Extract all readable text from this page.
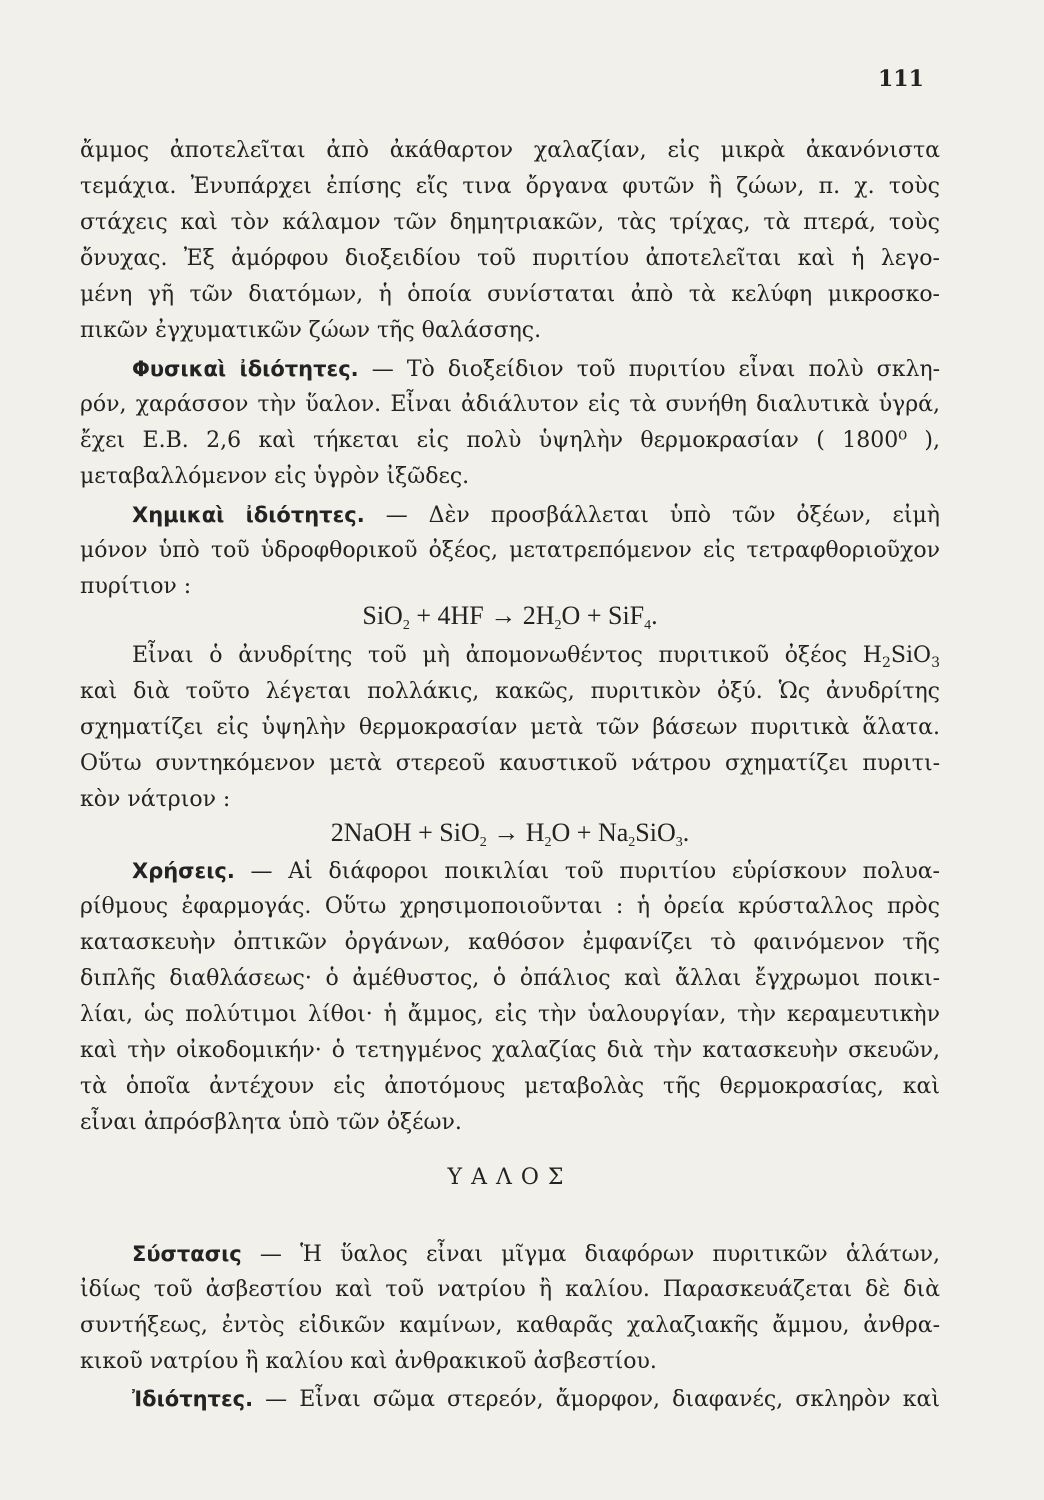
111
ἄμμος ἀποτελεῖται ἀπὸ ἀκάθαρτον χαλαζίαν, εἰς μικρὰ ἀκανόνιστα
τεμάχια. Ἐνυπάρχει ἐπίσης εἴς τινα ὄργανα φυτῶν ἢ ζώων, π. χ. τοὺς
στάχεις καὶ τὸν κάλαμον τῶν δημητριακῶν, τὰς τρίχας, τὰ πτερά, τοὺς
ὄνυχας. Ἐξ ἀμόρφου διοξειδίου τοῦ πυριτίου ἀποτελεῖται καὶ ἡ λεγο-
μένη γῆ τῶν διατόμων, ἡ ὁποία συνίσταται ἀπὸ τὰ κελύφη μικροσκο-
πικῶν ἐγχυματικῶν ζώων τῆς θαλάσσης.
Φυσικαὶ ἰδιότητες. — Τὸ διοξείδιον τοῦ πυριτίου εἶναι πολὺ σκλη-
ρόν, χαράσσον τὴν ὕαλον. Εἶναι ἀδιάλυτον εἰς τὰ συνήθη διαλυτικὰ ὑγρά,
ἔχει Ε.Β. 2,6 καὶ τήκεται εἰς πολὺ ὑψηλὴν θερμοκρασίαν ( 1800⁰ ),
μεταβαλλόμενον εἰς ὑγρὸν ἰξῶδες.
Χημικαὶ ἰδιότητες. — Δὲν προσβάλλεται ὑπὸ τῶν ὀξέων, εἰμὴ
μόνον ὑπὸ τοῦ ὑδροφθορικοῦ ὀξέος, μετατρεπόμενον εἰς τετραφθοριοῦχον
πυρίτιον :
$SiO_2 + 4HF \to 2H_2O + SiF_4$.
Εἶναι ὁ ἀνυδρίτης τοῦ μὴ ἀπομονωθέντος πυριτικοῦ ὀξέος $H_2SiO_3$
καὶ διὰ τοῦτο λέγεται πολλάκις, κακῶς, πυριτικὸν ὀξύ. Ὡς ἀνυδρίτης
σχηματίζει εἰς ὑψηλὴν θερμοκρασίαν μετὰ τῶν βάσεων πυριτικὰ ἅλατα.
Οὕτω συντηκόμενον μετὰ στερεοῦ καυστικοῦ νάτρου σχηματίζει πυριτι-
κὸν νάτριον :
2NaOH + $SiO_2 \to H_2O + Na_2SiO_3$.
Χρήσεις. — Αἱ διάφοροι ποικιλίαι τοῦ πυριτίου εὑρίσκουν πολυα-
ρίθμους ἐφαρμογάς. Οὕτω χρησιμοποιοῦνται : ἡ ὀρεία κρύσταλλος πρὸς
κατασκευὴν ὀπτικῶν ὀργάνων, καθόσον ἐμφανίζει τὸ φαινόμενον τῆς
διπλῆς διαθλάσεως· ὁ ἀμέθυστος, ὁ ὀπάλιος καὶ ἄλλαι ἔγχρωμοι ποικι-
λίαι, ὡς πολύτιμοι λίθοι· ἡ ἄμμος, εἰς τὴν ὑαλουργίαν, τὴν κεραμευτικὴν
καὶ τὴν οἰκοδομικήν· ὁ τετηγμένος χαλαζίας διὰ τὴν κατασκευὴν σκευῶν,
τὰ ὁποῖα ἀντέχουν εἰς ἀποτόμους μεταβολὰς τῆς θερμοκρασίας, καὶ
εἶναι ἀπρόσβλητα ὑπὸ τῶν ὀξέων.
ΥΑΛΟΣ
Σύστασις — Ἡ ὕαλος εἶναι μῖγμα διαφόρων πυριτικῶν ἁλάτων,
ἰδίως τοῦ ἀσβεστίου καὶ τοῦ νατρίου ἢ καλίου. Παρασκευάζεται δὲ διὰ
συντήξεως, ἐντὸς εἰδικῶν καμίνων, καθαρᾶς χαλαζιακῆς ἄμμου, ἀνθρα-
κικοῦ νατρίου ἢ καλίου καὶ ἀνθρακικοῦ ἀσβεστίου.
Ἰδιότητες. — Εἶναι σῶμα στερεόν, ἄμορφον, διαφανές, σκληρὸν καὶ
